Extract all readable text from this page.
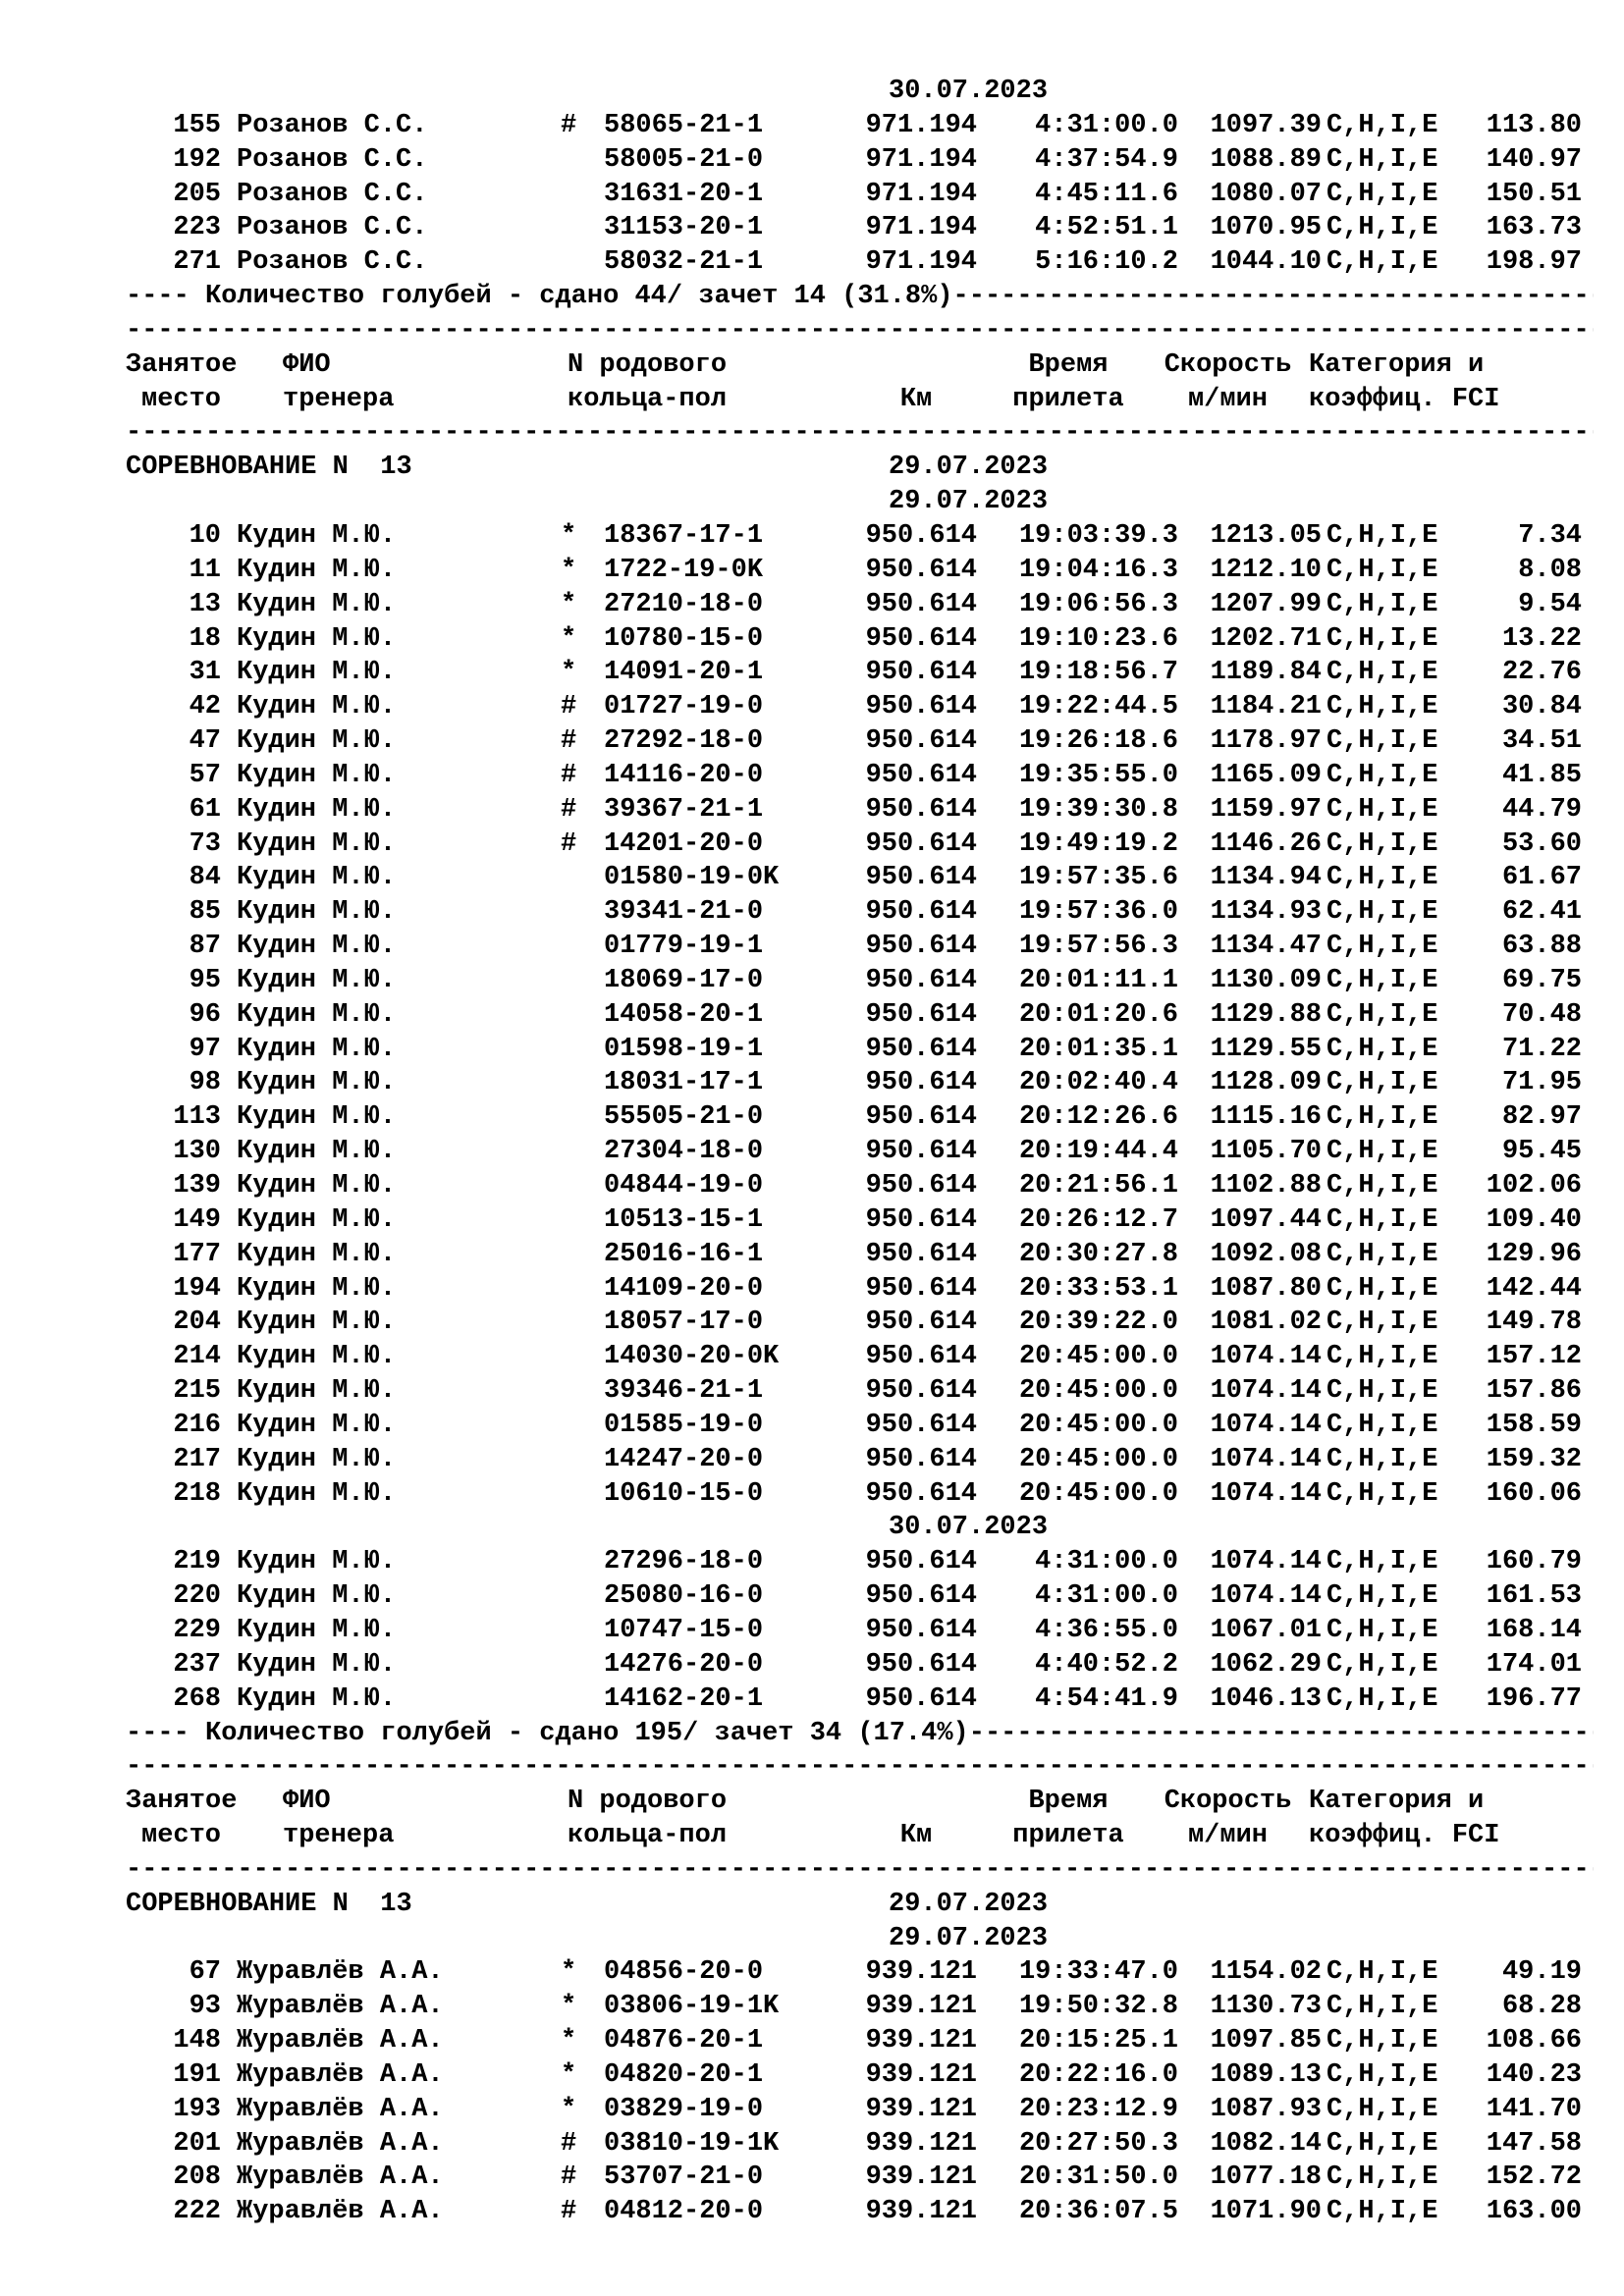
30.07.2023
155 Розанов С.С.	# 58065-21-1	971.194 4:31:00.0 1097.39 C,H,I,E 113.80
192 Розанов С.С.	58005-21-0	971.194 4:37:54.9 1088.89 C,H,I,E 140.97
205 Розанов С.С.	31631-20-1	971.194 4:45:11.6 1080.07 C,H,I,E 150.51
223 Розанов С.С.	31153-20-1	971.194 4:52:51.1 1070.95 C,H,I,E 163.73
271 Розанов С.С.	58032-21-1	971.194 5:16:10.2 1044.10 C,H,I,E 198.97
---- Количество голубей - сдано 44/ зачет 14 (31.8%) -----
-----
Занятое ФИО	N родового	Время Скорость Категория и
место тренера	кольца-пол	Км	прилета м/мин коэффиц. FCI
-----
СОРЕВНОВАНИЕ N  13	29.07.2023
29.07.2023
10 Кудин М.Ю.	* 18367-17-1	950.614 19:03:39.3 1213.05 C,H,I,E	7.34
11 Кудин М.Ю.	* 1722-19-0K	950.614 19:04:16.3 1212.10 C,H,I,E	8.08
13 Кудин М.Ю.	* 27210-18-0	950.614 19:06:56.3 1207.99 C,H,I,E	9.54
18 Кудин М.Ю.	* 10780-15-0	950.614 19:10:23.6 1202.71 C,H,I,E 13.22
31 Кудин М.Ю.	* 14091-20-1	950.614 19:18:56.7 1189.84 C,H,I,E 22.76
42 Кудин М.Ю.	# 01727-19-0	950.614 19:22:44.5 1184.21 C,H,I,E 30.84
47 Кудин М.Ю.	# 27292-18-0	950.614 19:26:18.6 1178.97 C,H,I,E 34.51
57 Кудин М.Ю.	# 14116-20-0	950.614 19:35:55.0 1165.09 C,H,I,E 41.85
61 Кудин М.Ю.	# 39367-21-1	950.614 19:39:30.8 1159.97 C,H,I,E 44.79
73 Кудин М.Ю.	# 14201-20-0	950.614 19:49:19.2 1146.26 C,H,I,E 53.60
84 Кудин М.Ю.	01580-19-0K	950.614 19:57:35.6 1134.94 C,H,I,E 61.67
85 Кудин М.Ю.	39341-21-0	950.614 19:57:36.0 1134.93 C,H,I,E 62.41
87 Кудин М.Ю.	01779-19-1	950.614 19:57:56.3 1134.47 C,H,I,E 63.88
95 Кудин М.Ю.	18069-17-0	950.614 20:01:11.1 1130.09 C,H,I,E 69.75
96 Кудин М.Ю.	14058-20-1	950.614 20:01:20.6 1129.88 C,H,I,E 70.48
97 Кудин М.Ю.	01598-19-1	950.614 20:01:35.1 1129.55 C,H,I,E 71.22
98 Кудин М.Ю.	18031-17-1	950.614 20:02:40.4 1128.09 C,H,I,E 71.95
113 Кудин М.Ю.	55505-21-0	950.614 20:12:26.6 1115.16 C,H,I,E 82.97
130 Кудин М.Ю.	27304-18-0	950.614 20:19:44.4 1105.70 C,H,I,E 95.45
139 Кудин М.Ю.	04844-19-0	950.614 20:21:56.1 1102.88 C,H,I,E 102.06
149 Кудин М.Ю.	10513-15-1	950.614 20:26:12.7 1097.44 C,H,I,E 109.40
177 Кудин М.Ю.	25016-16-1	950.614 20:30:27.8 1092.08 C,H,I,E 129.96
194 Кудин М.Ю.	14109-20-0	950.614 20:33:53.1 1087.80 C,H,I,E 142.44
204 Кудин М.Ю.	18057-17-0	950.614 20:39:22.0 1081.02 C,H,I,E 149.78
214 Кудин М.Ю.	14030-20-0K	950.614 20:45:00.0 1074.14 C,H,I,E 157.12
215 Кудин М.Ю.	39346-21-1	950.614 20:45:00.0 1074.14 C,H,I,E 157.86
216 Кудин М.Ю.	01585-19-0	950.614 20:45:00.0 1074.14 C,H,I,E 158.59
217 Кудин М.Ю.	14247-20-0	950.614 20:45:00.0 1074.14 C,H,I,E 159.32
218 Кудин М.Ю.	10610-15-0	950.614 20:45:00.0 1074.14 C,H,I,E 160.06
30.07.2023
219 Кудин М.Ю.	27296-18-0	950.614 4:31:00.0 1074.14 C,H,I,E 160.79
220 Кудин М.Ю.	25080-16-0	950.614 4:31:00.0 1074.14 C,H,I,E 161.53
229 Кудин М.Ю.	10747-15-0	950.614 4:36:55.0 1067.01 C,H,I,E 168.14
237 Кудин М.Ю.	14276-20-0	950.614 4:40:52.2 1062.29 C,H,I,E 174.01
268 Кудин М.Ю.	14162-20-1	950.614 4:54:41.9 1046.13 C,H,I,E 196.77
---- Количество голубей - сдано 195/ зачет 34 (17.4%) -----
-----
Занятое ФИО	N родового	Время Скорость Категория и
место тренера	кольца-пол	Км	прилета м/мин коэффиц. FCI
-----
СОРЕВНОВАНИЕ N  13	29.07.2023
29.07.2023
67 Журавлёв А.А.	* 04856-20-0	939.121 19:33:47.0 1154.02 C,H,I,E 49.19
93 Журавлёв А.А.	* 03806-19-1K	939.121 19:50:32.8 1130.73 C,H,I,E 68.28
148 Журавлёв А.А.	* 04876-20-1	939.121 20:15:25.1 1097.85 C,H,I,E 108.66
191 Журавлёв А.А.	* 04820-20-1	939.121 20:22:16.0 1089.13 C,H,I,E 140.23
193 Журавлёв А.А.	* 03829-19-0	939.121 20:23:12.9 1087.93 C,H,I,E 141.70
201 Журавлёв А.А.	# 03810-19-1K	939.121 20:27:50.3 1082.14 C,H,I,E 147.58
208 Журавлёв А.А.	# 53707-21-0	939.121 20:31:50.0 1077.18 C,H,I,E 152.72
222 Журавлёв А.А.	# 04812-20-0	939.121 20:36:07.5 1071.90 C,H,I,E 163.00
